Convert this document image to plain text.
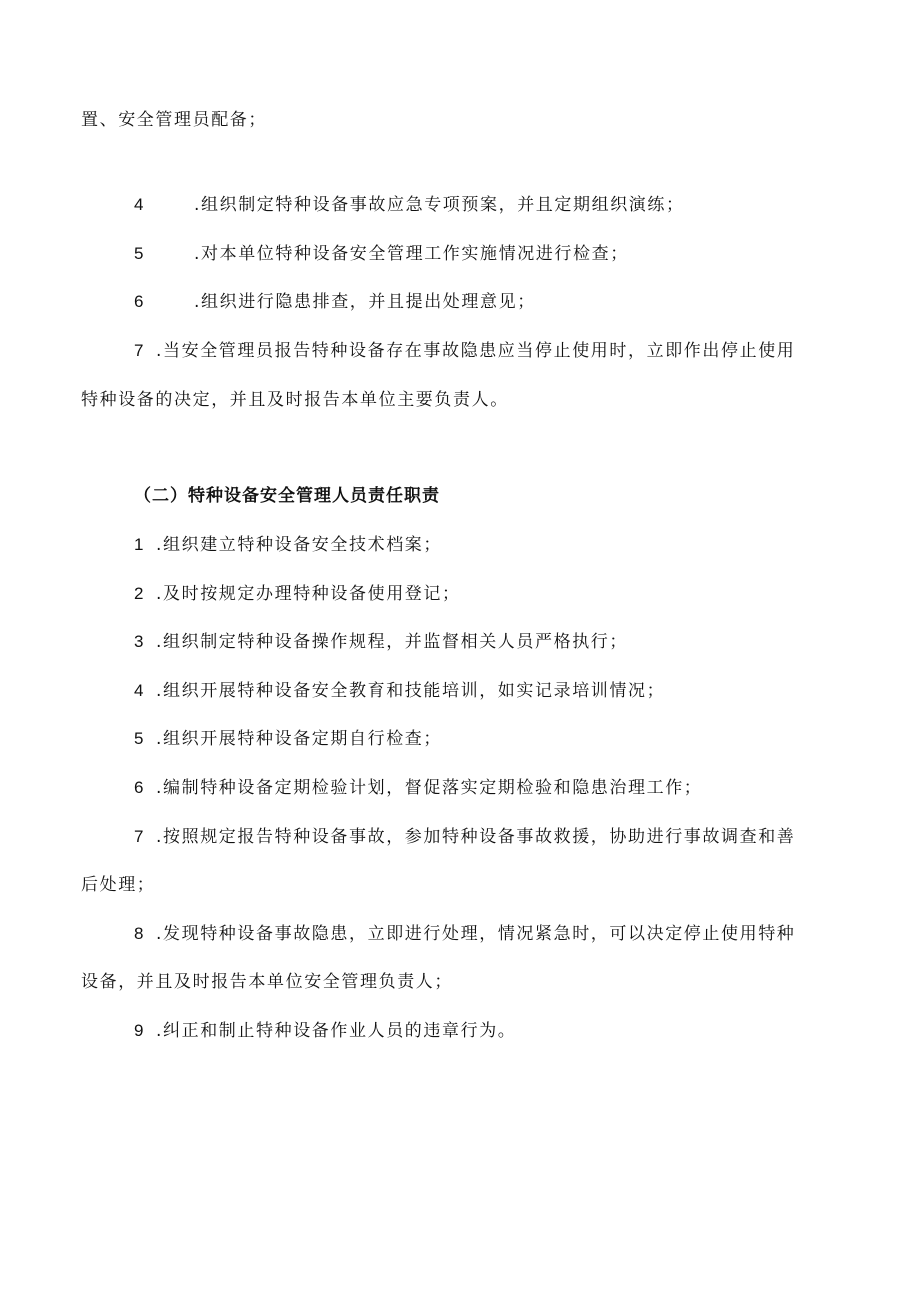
置、安全管理员配备；
4	.组织制定特种设备事故应急专项预案，并且定期组织演练；
5	.对本单位特种设备安全管理工作实施情况进行检查；
6	.组织进行隐患排查，并且提出处理意见；
7 .当安全管理员报告特种设备存在事故隐患应当停止使用时，立即作出停止使用
特种设备的决定，并且及时报告本单位主要负责人。
（二）特种设备安全管理人员责任职责
1 .组织建立特种设备安全技术档案；
2 .及时按规定办理特种设备使用登记；
3 .组织制定特种设备操作规程，并监督相关人员严格执行；
4 .组织开展特种设备安全教育和技能培训，如实记录培训情况；
5 .组织开展特种设备定期自行检查；
6 .编制特种设备定期检验计划，督促落实定期检验和隐患治理工作；
7 .按照规定报告特种设备事故，参加特种设备事故救援，协助进行事故调查和善
后处理；
8 .发现特种设备事故隐患，立即进行处理，情况紧急时，可以决定停止使用特种
设备，并且及时报告本单位安全管理负责人；
9 .纠正和制止特种设备作业人员的违章行为。
